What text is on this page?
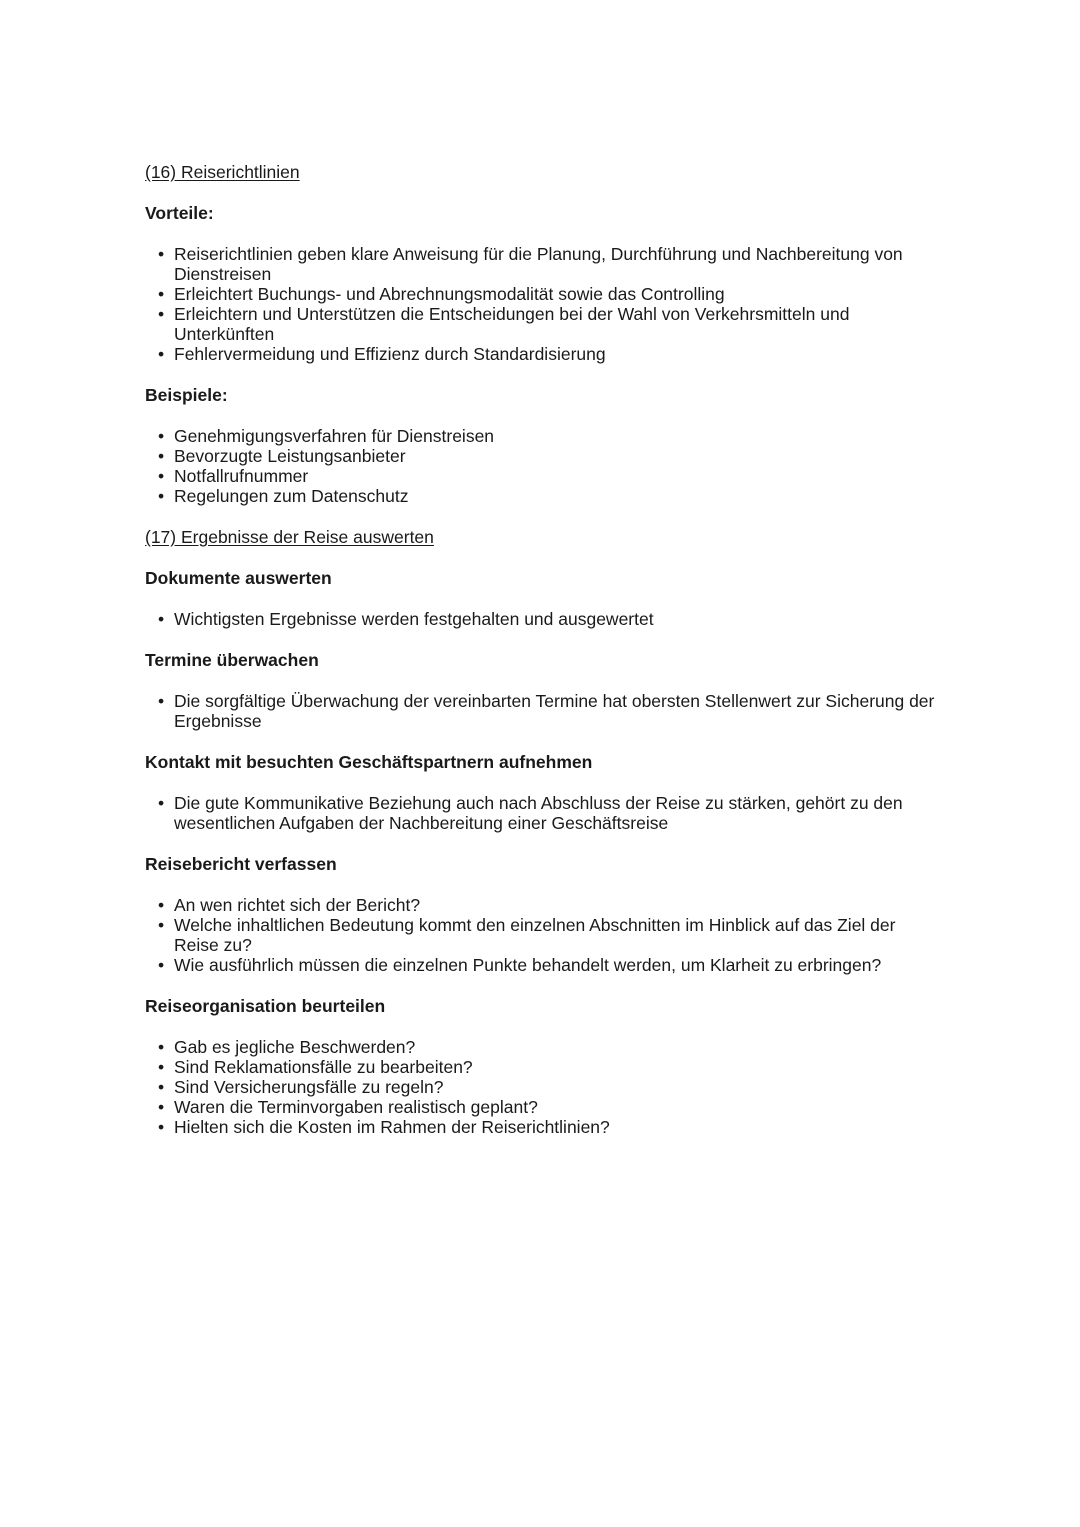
(16) Reiserichtlinien
Vorteile:
• Reiserichtlinien geben klare Anweisung für die Planung, Durchführung und Nachbereitung von Dienstreisen
• Erleichtert Buchungs- und Abrechnungsmodalität sowie das Controlling
• Erleichtern und Unterstützen die Entscheidungen bei der Wahl von Verkehrsmitteln und Unterkünften
• Fehlervermeidung und Effizienz durch Standardisierung
Beispiele:
• Genehmigungsverfahren für Dienstreisen
• Bevorzugte Leistungsanbieter
• Notfallrufnummer
• Regelungen zum Datenschutz
(17) Ergebnisse der Reise auswerten
Dokumente auswerten
• Wichtigsten Ergebnisse werden festgehalten und ausgewertet
Termine überwachen
• Die sorgfältige Überwachung der vereinbarten Termine hat obersten Stellenwert zur Sicherung der Ergebnisse
Kontakt mit besuchten Geschäftspartnern aufnehmen
• Die gute Kommunikative Beziehung auch nach Abschluss der Reise zu stärken, gehört zu den wesentlichen Aufgaben der Nachbereitung einer Geschäftsreise
Reisebericht verfassen
• An wen richtet sich der Bericht?
• Welche inhaltlichen Bedeutung kommt den einzelnen Abschnitten im Hinblick auf das Ziel der Reise zu?
• Wie ausführlich müssen die einzelnen Punkte behandelt werden, um Klarheit zu erbringen?
Reiseorganisation beurteilen
• Gab es jegliche Beschwerden?
• Sind Reklamationsfälle zu bearbeiten?
• Sind Versicherungsfälle zu regeln?
• Waren die Terminvorgaben realistisch geplant?
• Hielten sich die Kosten im Rahmen der Reiserichtlinien?
